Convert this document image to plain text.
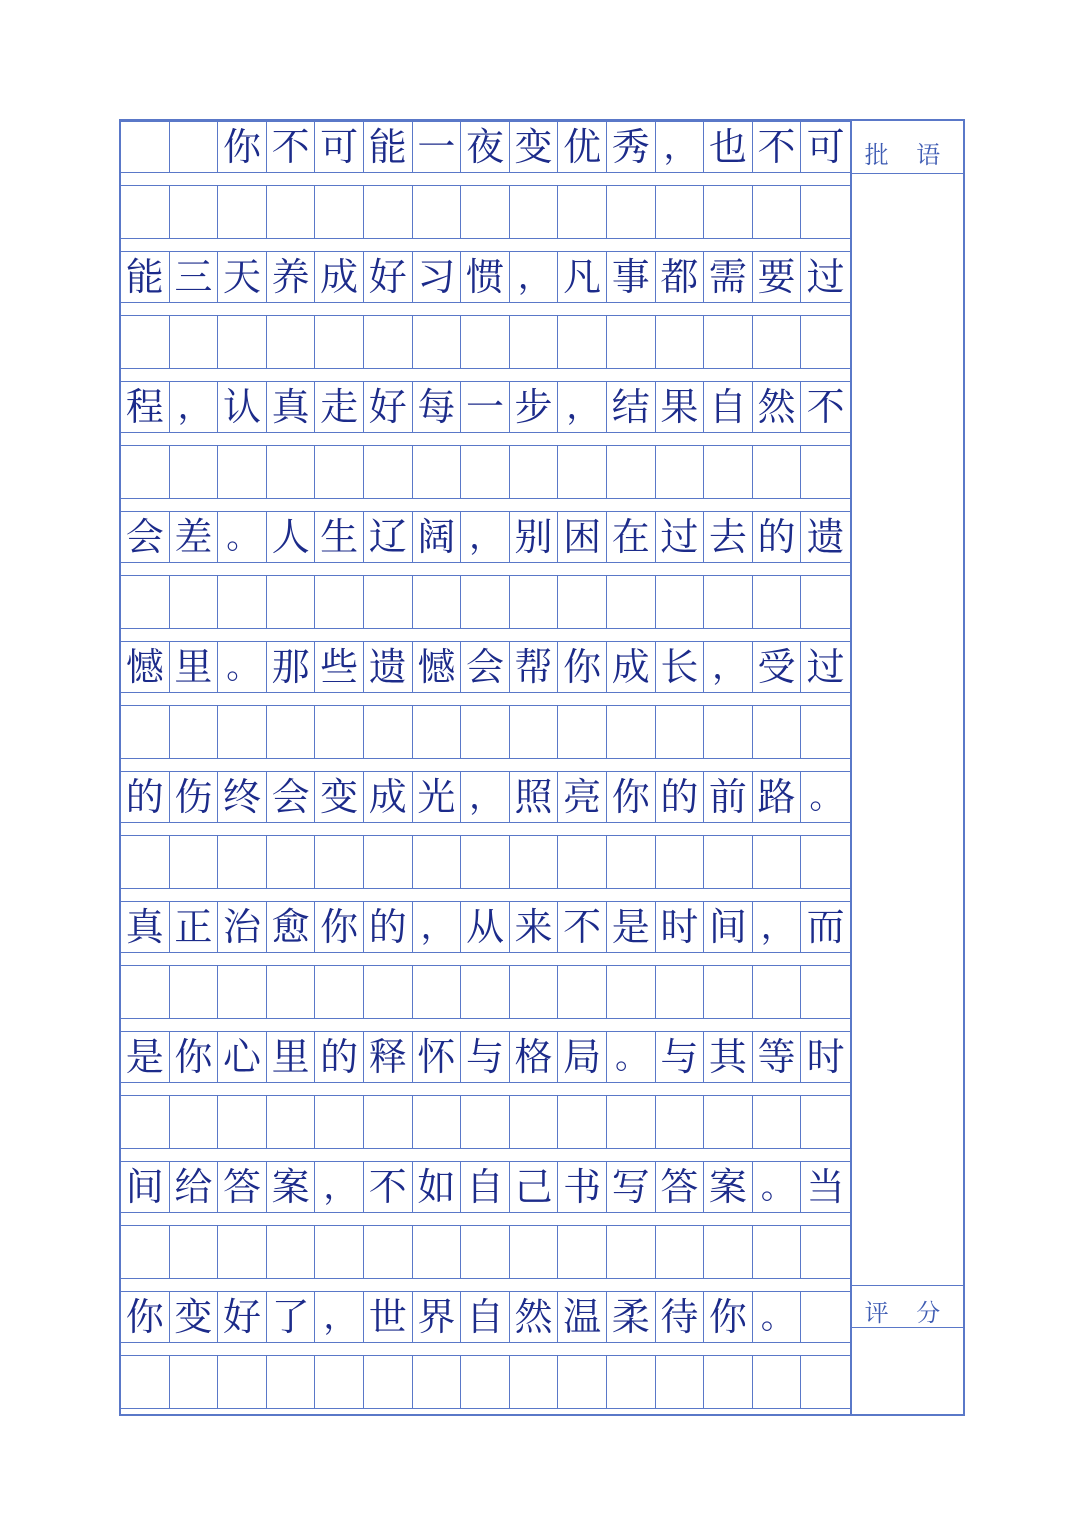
你 不 可 能 一 夜 变 优 秀 ， 也 不 可
能 三 天 养 成 好 习 惯 ， 凡 事 都 需 要 过
程 ， 认 真 走 好 每 一 步 ， 结 果 自 然 不
会 差 。 人 生 辽 阔 ， 别 困 在 过 去 的 遗
憾 里 。 那 些 遗 憾 会 帮 你 成 长 ， 受 过
的 伤 终 会 变 成 光 ， 照 亮 你 的 前 路 。
真 正 治 愈 你 的 ， 从 来 不 是 时 间 ， 而
是 你 心 里 的 释 怀 与 格 局 。 与 其 等 时
间 给 答 案 ， 不 如 自 己 书 写 答 案 。 当
你 变 好 了 ， 世 界 自 然 温 柔 待 你 。
批 语
评 分
